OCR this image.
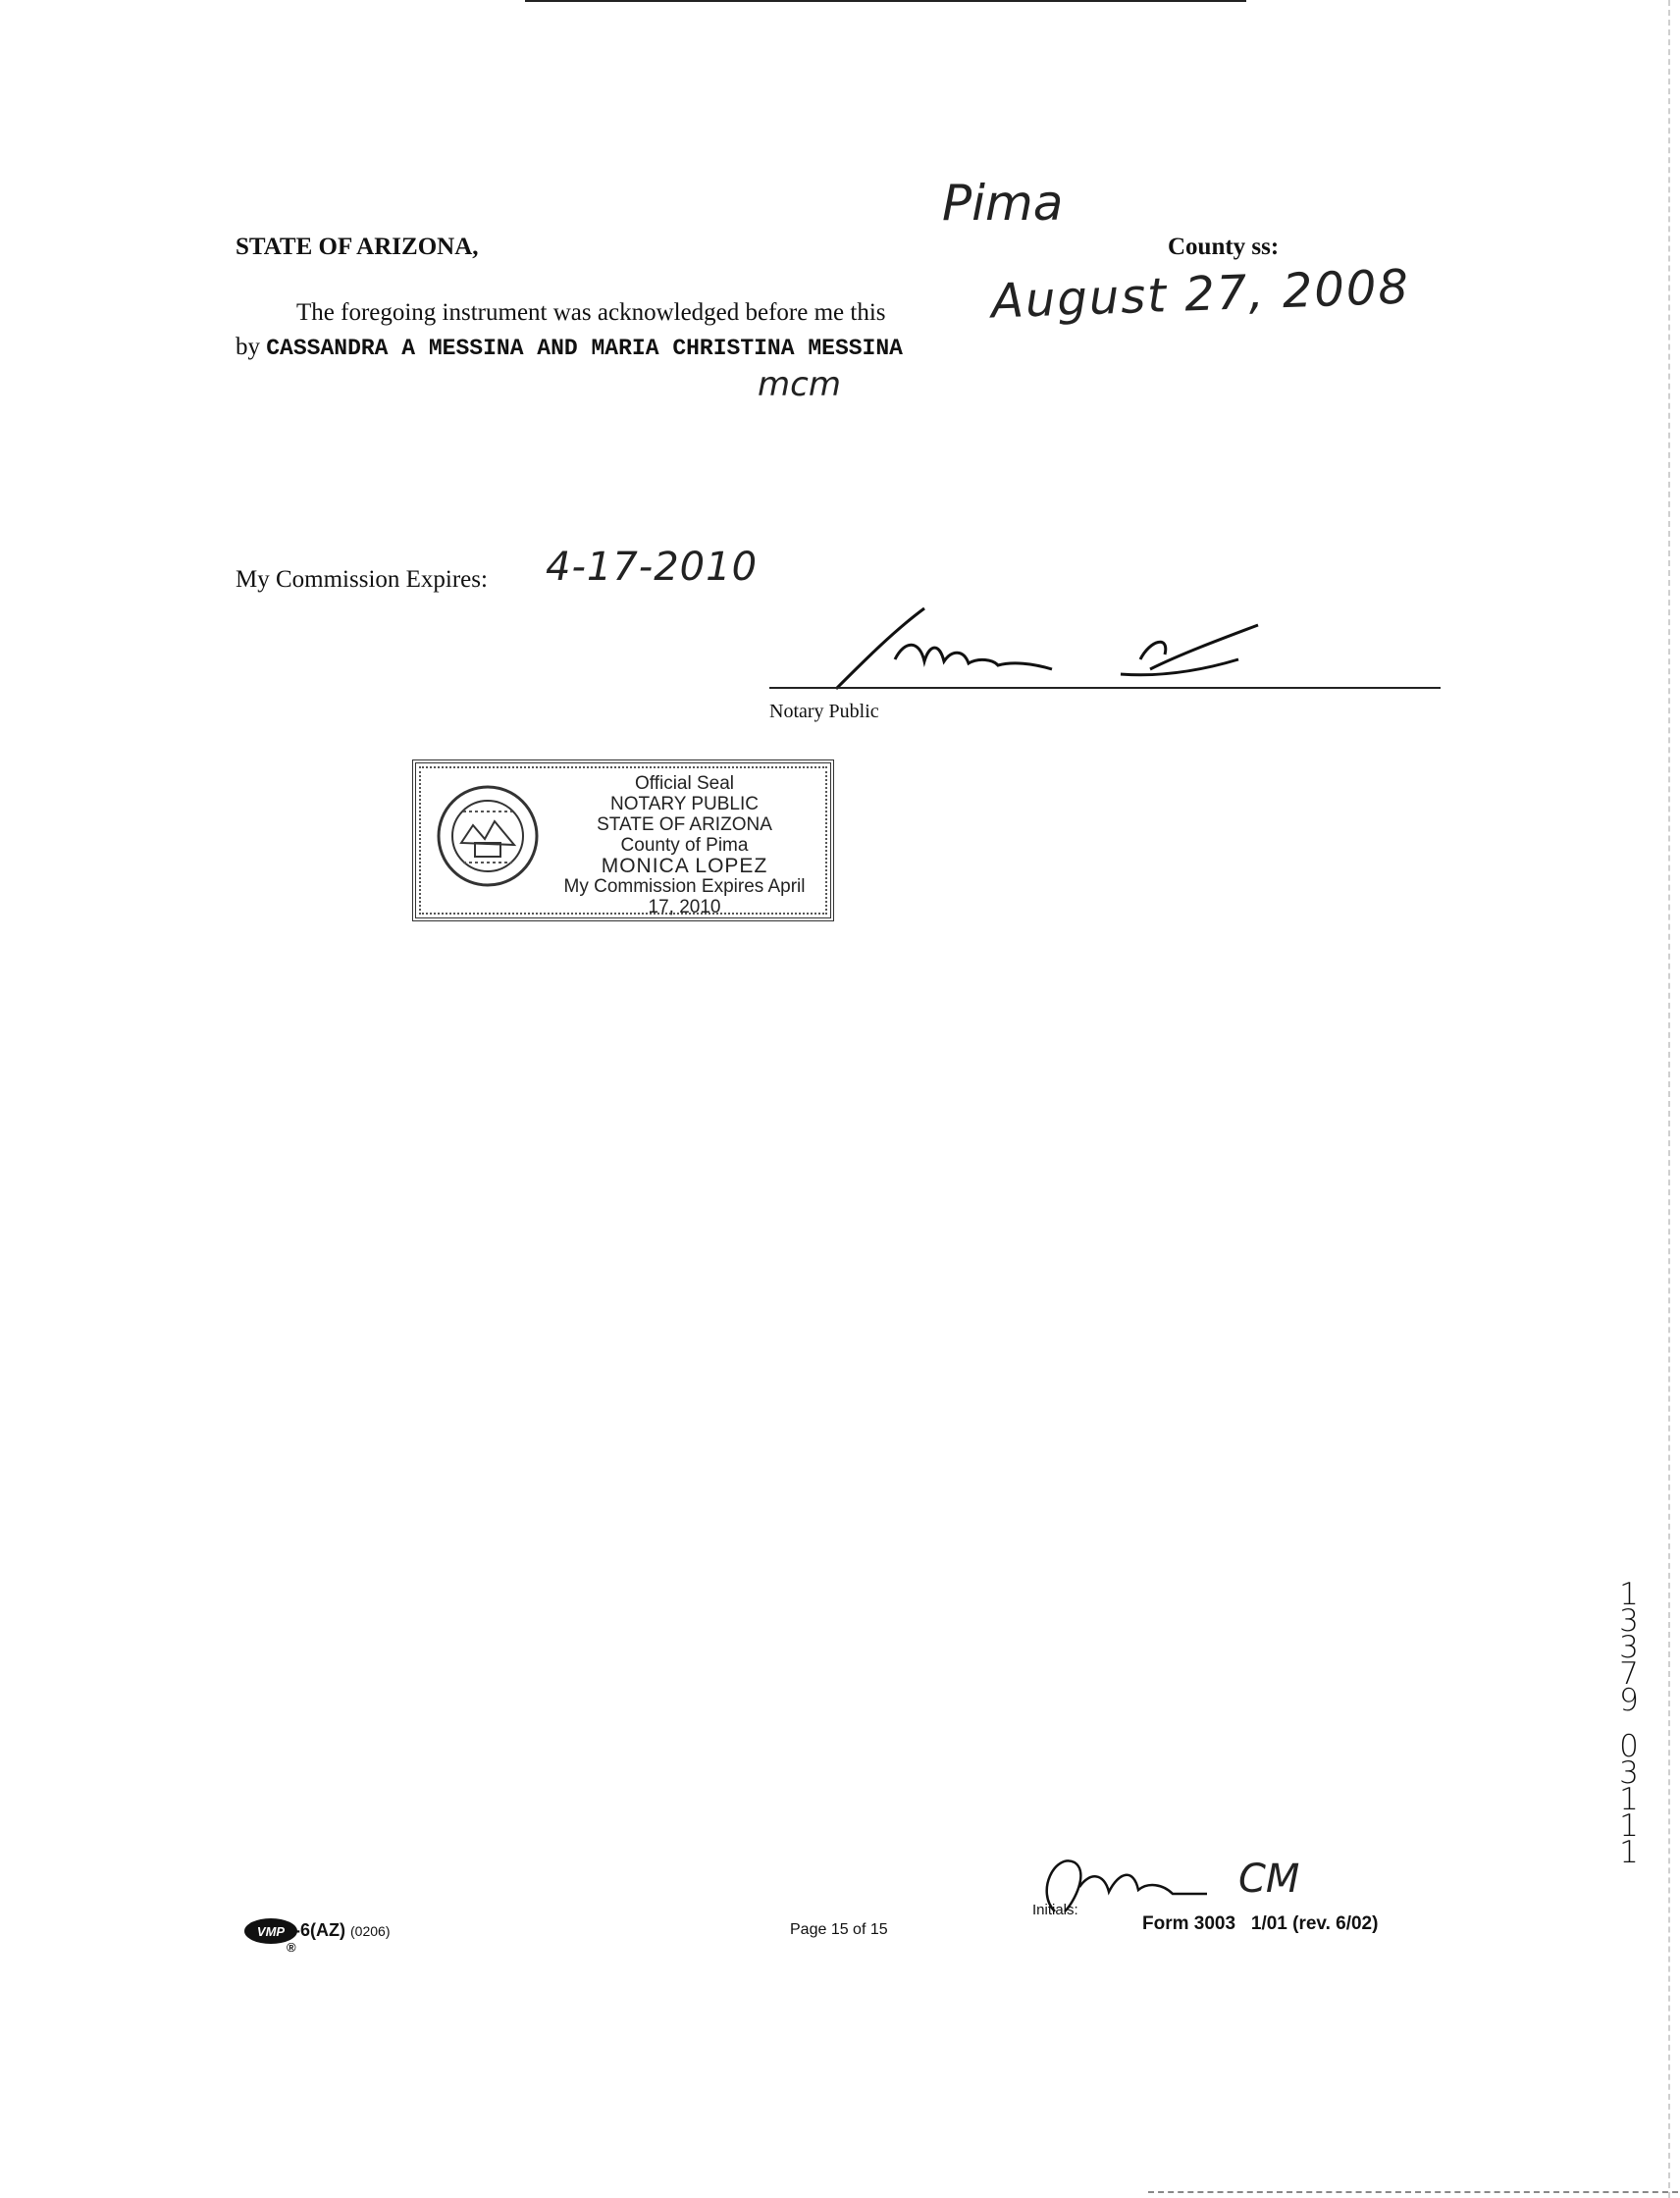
STATE OF ARIZONA,
Pima
County ss:
The foregoing instrument was acknowledged before me this August 27, 2008
by CASSANDRA A MESSINA AND MARIA CHRISTINA MESSINA
mcm
My Commission Expires: 4-17-2010
Notary Public
Official Seal
NOTARY PUBLIC
STATE OF ARIZONA
County of Pima
MONICA LOPEZ
My Commission Expires April 17, 2010
1
3
3
7
9
0
3
1
1
1
VMP -6(AZ) (0206)
®
Page 15 of 15
Initials:
CM
Form 3003   1/01 (rev. 6/02)
